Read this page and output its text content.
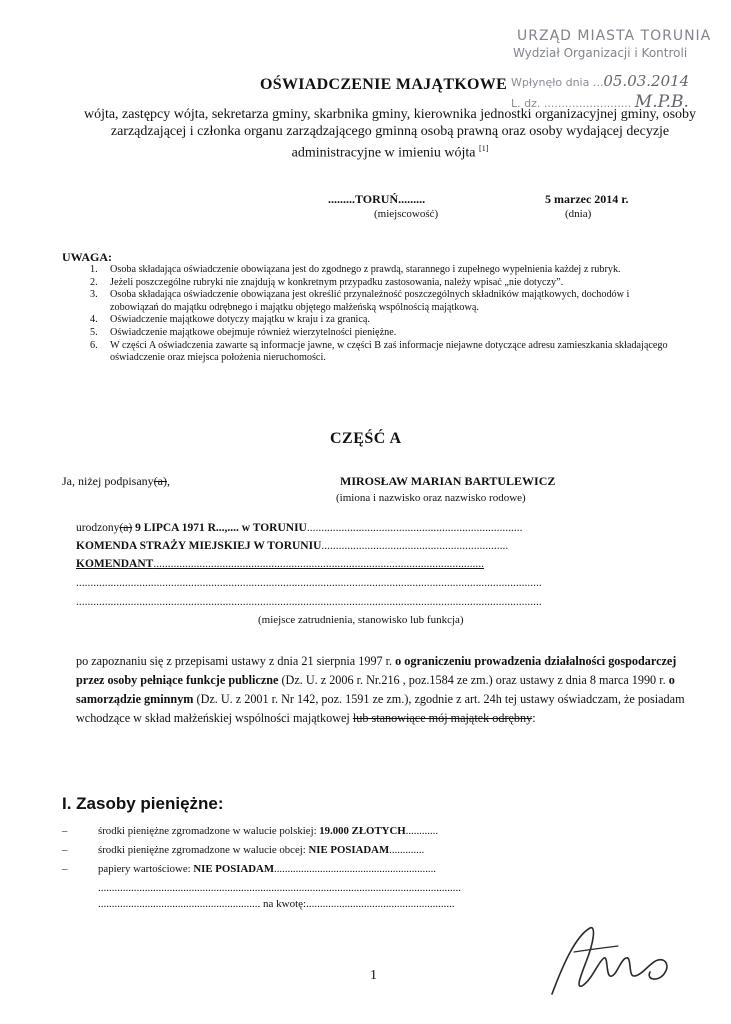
URZĄD MIASTA TORUNIA
Wydział Organizacji i Kontroli
Wpłynęło dnia ...05.03.2014
L. dz. ......................... M.P.B.
OŚWIADCZENIE MAJĄTKOWE
wójta, zastępcy wójta, sekretarza gminy, skarbnika gminy, kierownika jednostki organizacyjnej gminy, osoby zarządzającej i członka organu zarządzającego gminną osobą prawną oraz osoby wydającej decyzje administracyjne w imieniu wójta [1]
.........TORUŃ.........
(miejscowość)
5 marzec 2014 r.
(dnia)
UWAGA:
1. Osoba składająca oświadczenie obowiązana jest do zgodnego z prawdą, starannego i zupełnego wypełnienia każdej z rubryk.
2. Jeżeli poszczególne rubryki nie znajdują w konkretnym przypadku zastosowania, należy wpisać „nie dotyczy”.
3. Osoba składająca oświadczenie obowiązana jest określić przynależność poszczególnych składników majątkowych, dochodów i zobowiązań do majątku odrębnego i majątku objętego małżeńską wspólnością majątkową.
4. Oświadczenie majątkowe dotyczy majątku w kraju i za granicą.
5. Oświadczenie majątkowe obejmuje również wierzytelności pieniężne.
6. W części A oświadczenia zawarte są informacje jawne, w części B zaś informacje niejawne dotyczące adresu zamieszkania składającego oświadczenie oraz miejsca położenia nieruchomości.
CZĘŚĆ A
Ja, niżej podpisany(a),	MIROSŁAW MARIAN BARTULEWICZ
(imiona i nazwisko oraz nazwisko rodowe)
urodzony(a) 9 LIPCA 1971 R...,.... w TORUNIU...........................................................................
KOMENDA STRAŻY MIEJSKIEJ W TORUNIU.................................................................
KOMENDANT...................................................................................................................
..................................................................................................................................................................
..................................................................................................................................................................
(miejsce zatrudnienia, stanowisko lub funkcja)
po zapoznaniu się z przepisami ustawy z dnia 21 sierpnia 1997 r. o ograniczeniu prowadzenia działalności gospodarczej przez osoby pełniące funkcje publiczne (Dz. U. z 2006 r. Nr.216 , poz.1584 ze zm.) oraz ustawy z dnia 8 marca 1990 r. o samorządzie gminnym (Dz. U. z 2001 r. Nr 142, poz. 1591 ze zm.), zgodnie z art. 24h tej ustawy oświadczam, że posiadam wchodzące w skład małżeńskiej wspólności majątkowej lub stanowiące mój majątek odrębny:
I. Zasoby pieniężne:
–	środki pieniężne zgromadzone w walucie polskiej: 19.000 ZŁOTYCH............
–	środki pieniężne zgromadzone w walucie obcej: NIE POSIADAM.............
–	papiery wartościowe: NIE POSIADAM............................................................
....................................................................................................................................
........................................................... na kwotę:......................................................
1
